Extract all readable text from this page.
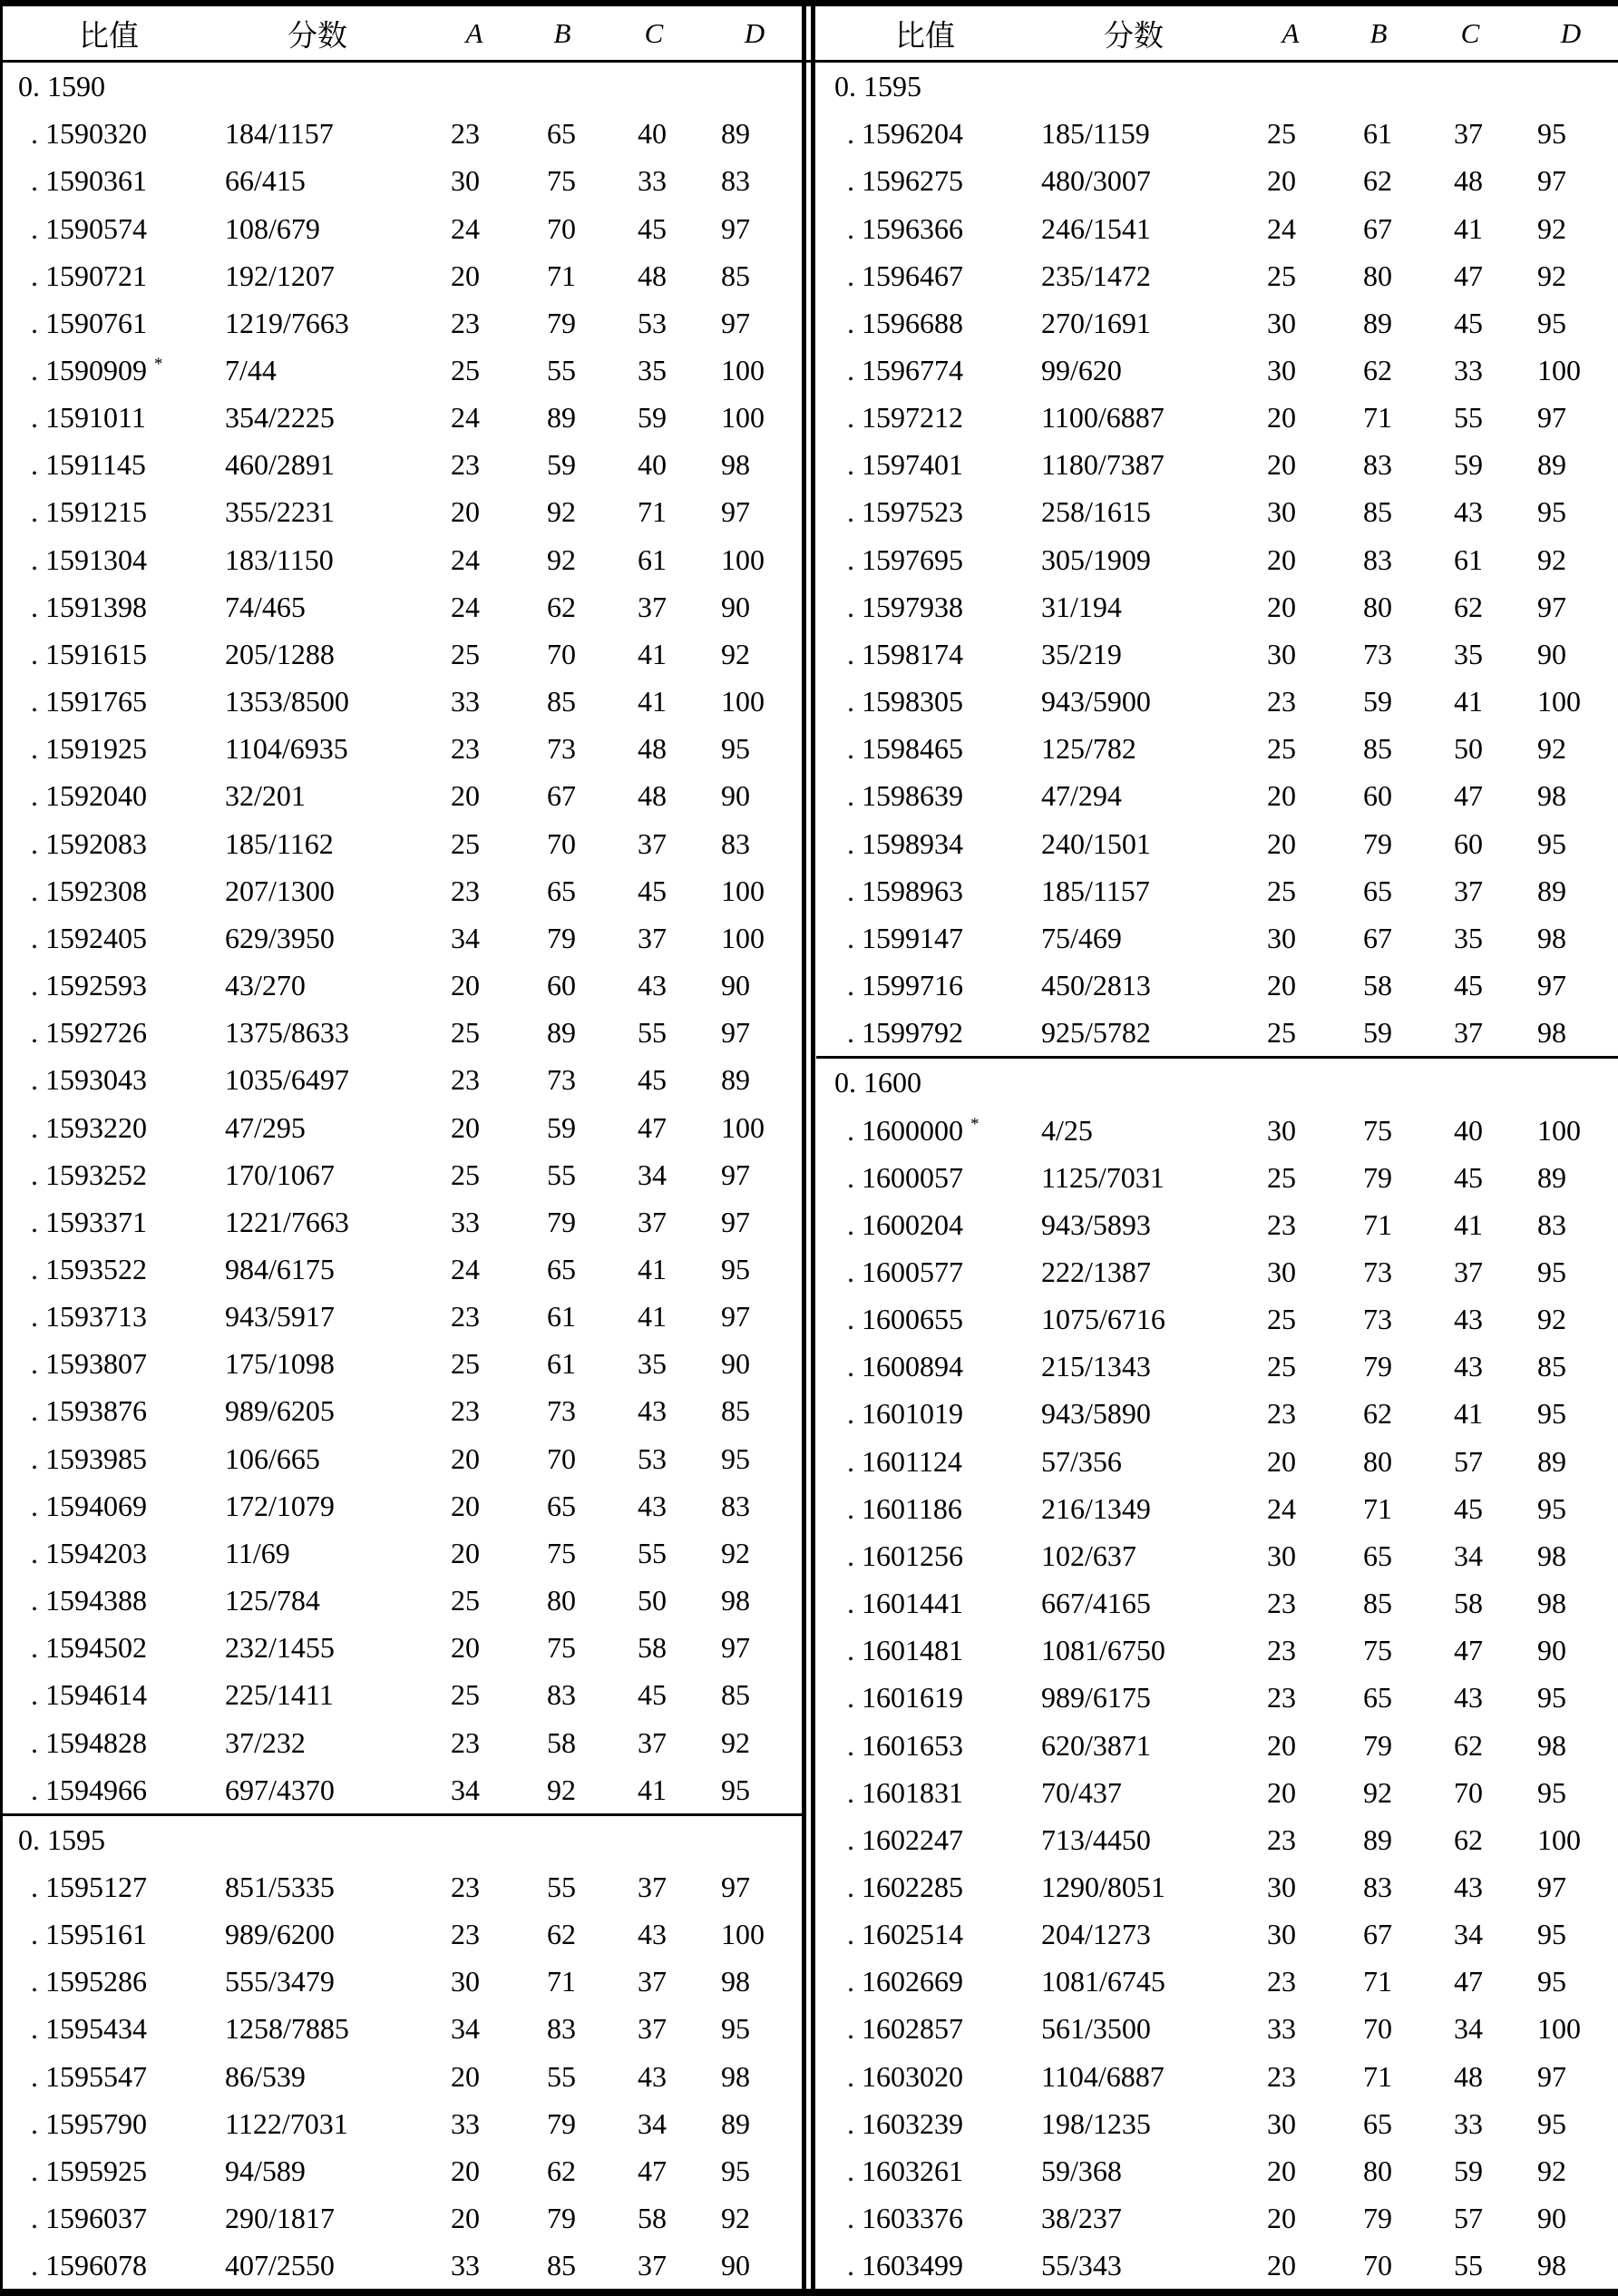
比值	分数	A	B	C	D	比值	分数	A	B	C	D
0. 1590
. 1590320	184/1157	23	65	40	89
. 1590361	66/415	30	75	33	83
. 1590574	108/679	24	70	45	97
. 1590721	192/1207	20	71	48	85
. 1590761	1219/7663	23	79	53	97
. 1590909 *	7/44	25	55	35	100
. 1591011	354/2225	24	89	59	100
. 1591145	460/2891	23	59	40	98
. 1591215	355/2231	20	92	71	97
. 1591304	183/1150	24	92	61	100
. 1591398	74/465	24	62	37	90
. 1591615	205/1288	25	70	41	92
. 1591765	1353/8500	33	85	41	100
. 1591925	1104/6935	23	73	48	95
. 1592040	32/201	20	67	48	90
. 1592083	185/1162	25	70	37	83
. 1592308	207/1300	23	65	45	100
. 1592405	629/3950	34	79	37	100
. 1592593	43/270	20	60	43	90
. 1592726	1375/8633	25	89	55	97
. 1593043	1035/6497	23	73	45	89
. 1593220	47/295	20	59	47	100
. 1593252	170/1067	25	55	34	97
. 1593371	1221/7663	33	79	37	97
. 1593522	984/6175	24	65	41	95
. 1593713	943/5917	23	61	41	97
. 1593807	175/1098	25	61	35	90
. 1593876	989/6205	23	73	43	85
. 1593985	106/665	20	70	53	95
. 1594069	172/1079	20	65	43	83
. 1594203	11/69	20	75	55	92
. 1594388	125/784	25	80	50	98
. 1594502	232/1455	20	75	58	97
. 1594614	225/1411	25	83	45	85
. 1594828	37/232	23	58	37	92
. 1594966	697/4370	34	92	41	95
0. 1595
. 1595127	851/5335	23	55	37	97
. 1595161	989/6200	23	62	43	100
. 1595286	555/3479	30	71	37	98
. 1595434	1258/7885	34	83	37	95
. 1595547	86/539	20	55	43	98
. 1595790	1122/7031	33	79	34	89
. 1595925	94/589	20	62	47	95
. 1596037	290/1817	20	79	58	92
. 1596078	407/2550	33	85	37	90
0. 1595
. 1596204	185/1159	25	61	37	95
. 1596275	480/3007	20	62	48	97
. 1596366	246/1541	24	67	41	92
. 1596467	235/1472	25	80	47	92
. 1596688	270/1691	30	89	45	95
. 1596774	99/620	30	62	33	100
. 1597212	1100/6887	20	71	55	97
. 1597401	1180/7387	20	83	59	89
. 1597523	258/1615	30	85	43	95
. 1597695	305/1909	20	83	61	92
. 1597938	31/194	20	80	62	97
. 1598174	35/219	30	73	35	90
. 1598305	943/5900	23	59	41	100
. 1598465	125/782	25	85	50	92
. 1598639	47/294	20	60	47	98
. 1598934	240/1501	20	79	60	95
. 1598963	185/1157	25	65	37	89
. 1599147	75/469	30	67	35	98
. 1599716	450/2813	20	58	45	97
. 1599792	925/5782	25	59	37	98
0. 1600
. 1600000 *	4/25	30	75	40	100
. 1600057	1125/7031	25	79	45	89
. 1600204	943/5893	23	71	41	83
. 1600577	222/1387	30	73	37	95
. 1600655	1075/6716	25	73	43	92
. 1600894	215/1343	25	79	43	85
. 1601019	943/5890	23	62	41	95
. 1601124	57/356	20	80	57	89
. 1601186	216/1349	24	71	45	95
. 1601256	102/637	30	65	34	98
. 1601441	667/4165	23	85	58	98
. 1601481	1081/6750	23	75	47	90
. 1601619	989/6175	23	65	43	95
. 1601653	620/3871	20	79	62	98
. 1601831	70/437	20	92	70	95
. 1602247	713/4450	23	89	62	100
. 1602285	1290/8051	30	83	43	97
. 1602514	204/1273	30	67	34	95
. 1602669	1081/6745	23	71	47	95
. 1602857	561/3500	33	70	34	100
. 1603020	1104/6887	23	71	48	97
. 1603239	198/1235	30	65	33	95
. 1603261	59/368	20	80	59	92
. 1603376	38/237	20	79	57	90
. 1603499	55/343	20	70	55	98
